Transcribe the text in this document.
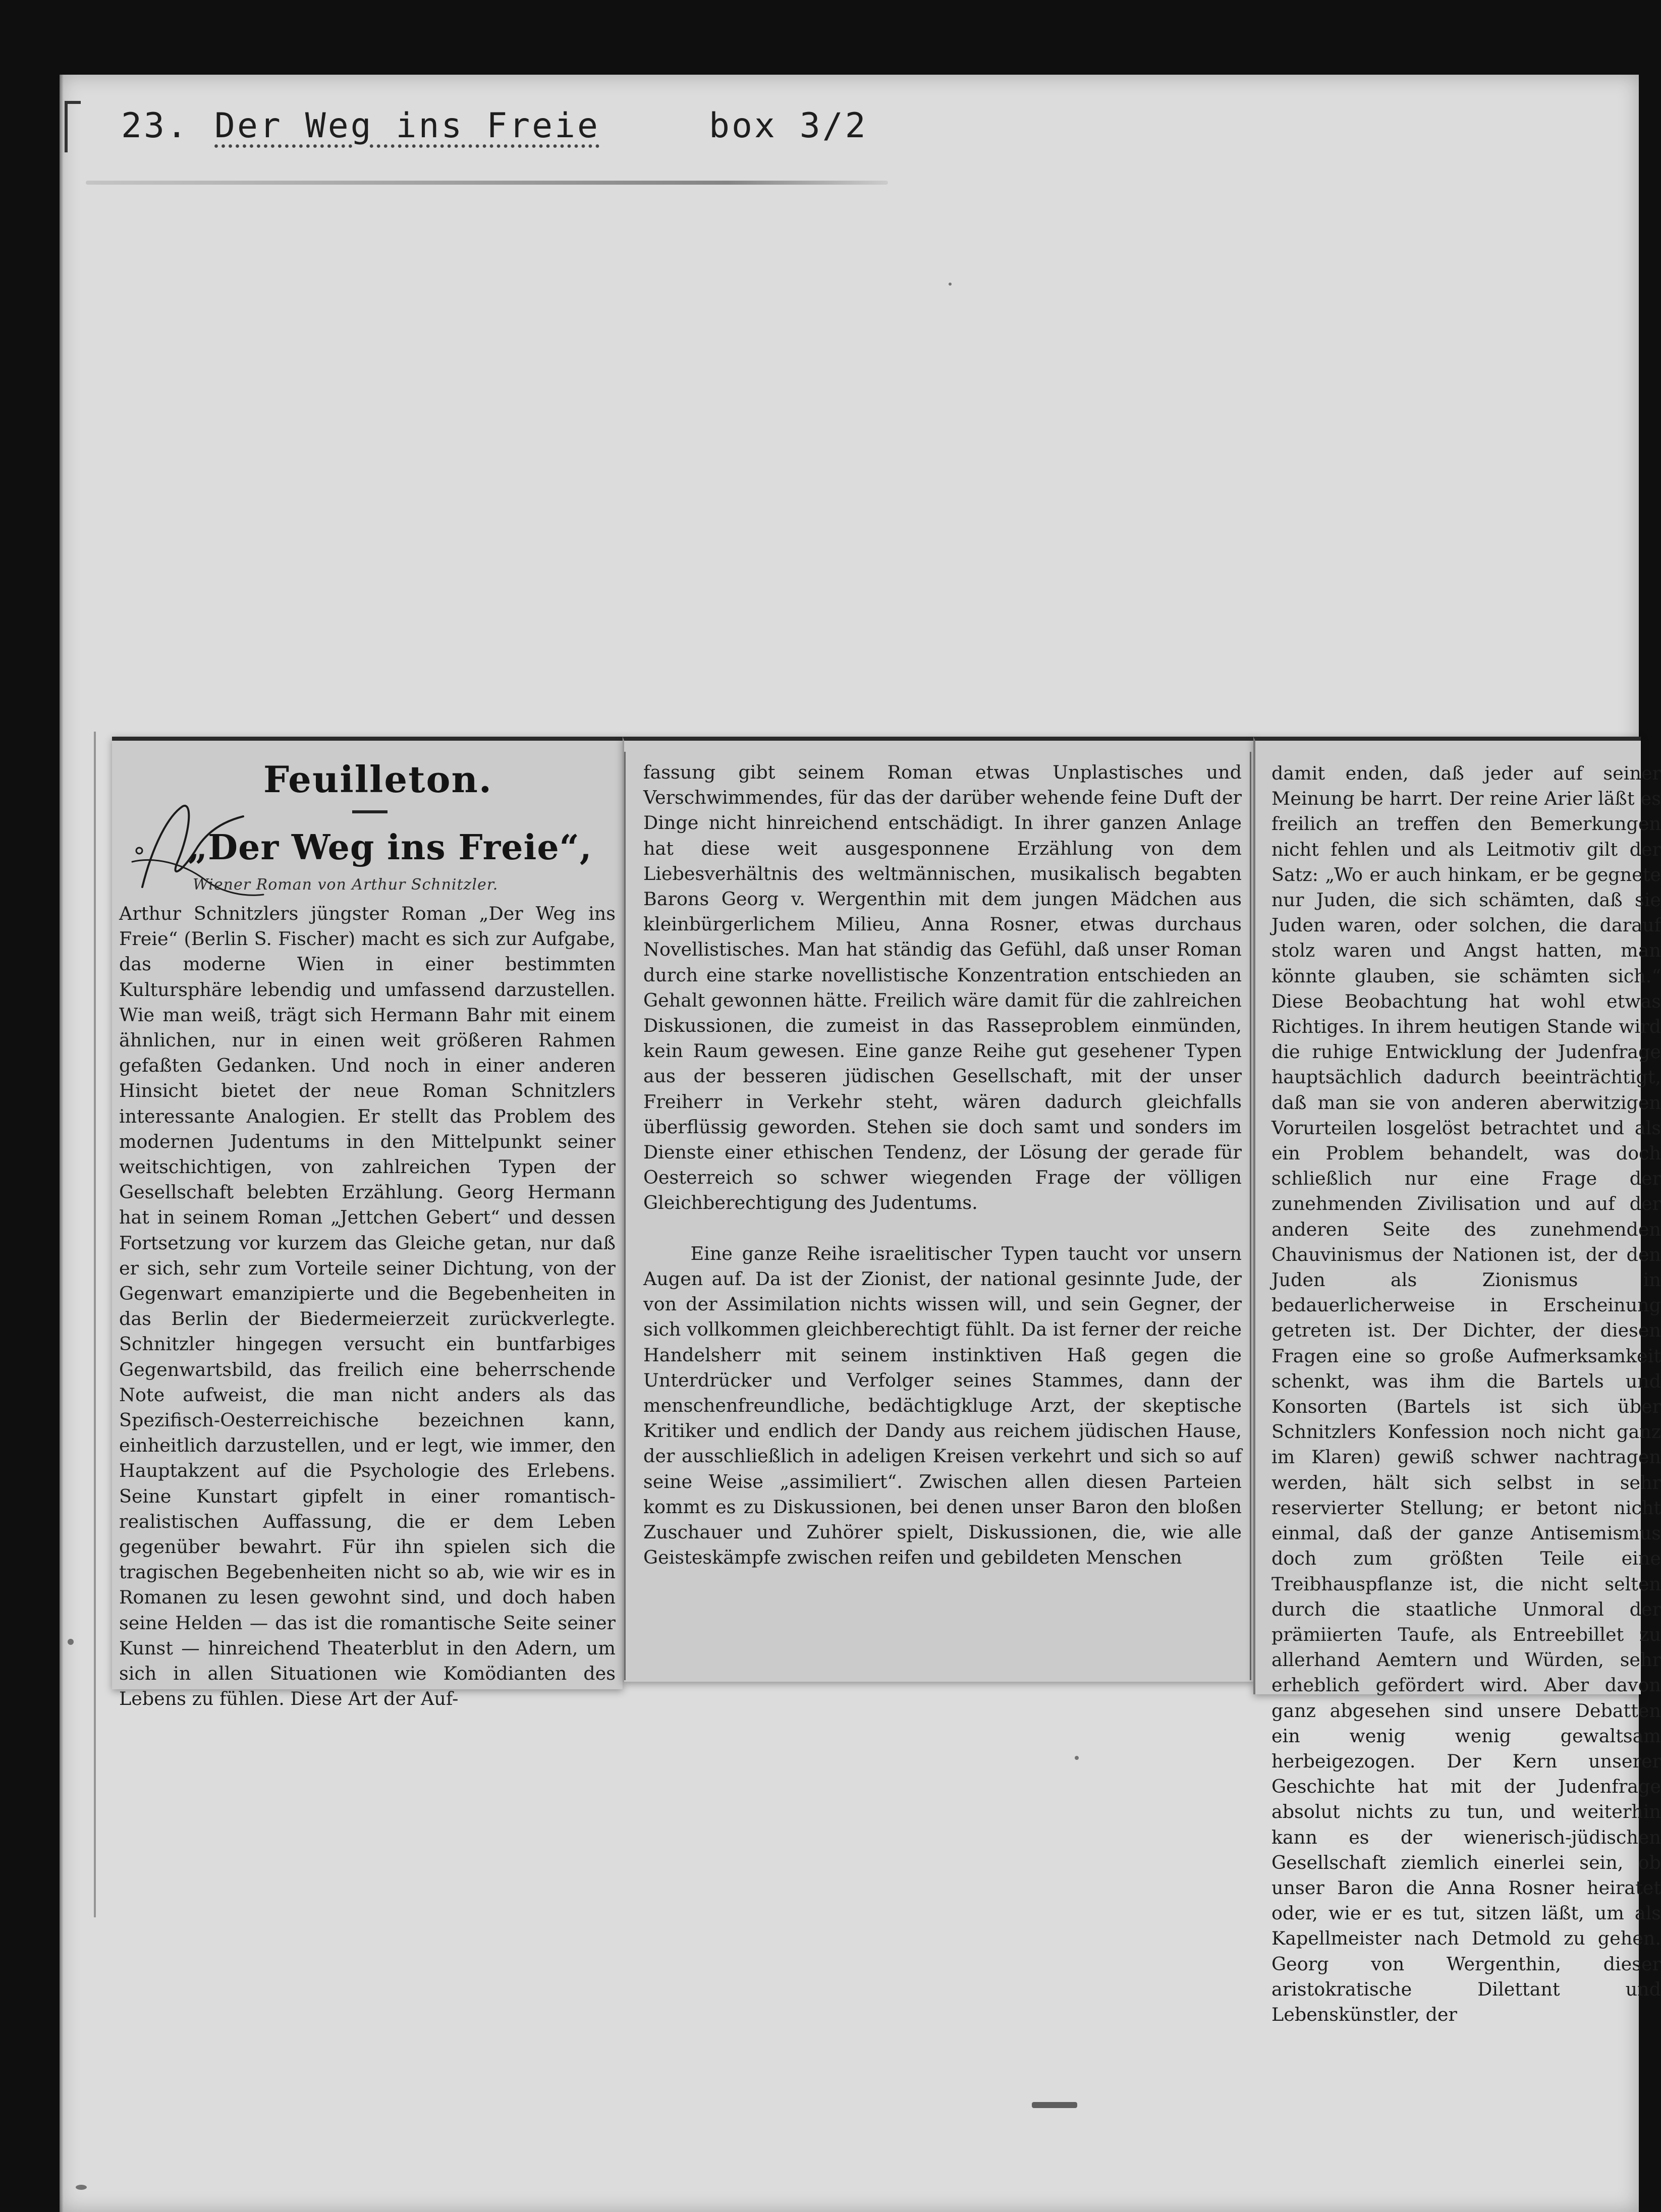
23. Der Weg ins Freie	box 3/2
Feuilleton.
„Der Weg ins Freie“,
Wiener Roman von Arthur Schnitzler.
Arthur Schnitzlers jüngster Roman „Der Weg ins Freie“ (Berlin S. Fischer) macht es sich zur Aufgabe, das moderne Wien in einer bestimmten Kultursphäre lebendig und umfassend darzustellen. Wie man weiß, trägt sich Hermann Bahr mit einem ähnlichen, nur in einen weit größeren Rahmen gefaßten Gedanken. Und noch in einer anderen Hinsicht bietet der neue Roman Schnitzlers interessante Analogien. Er stellt das Problem des modernen Judentums in den Mittelpunkt seiner weitschichtigen, von zahlreichen Typen der Gesellschaft belebten Erzählung. Georg Hermann hat in seinem Roman „Jettchen Gebert“ und dessen Fortsetzung vor kurzem das Gleiche getan, nur daß er sich, sehr zum Vorteile seiner Dichtung, von der Gegenwart emanzipierte und die Begebenheiten in das Berlin der Biedermeierzeit zurückverlegte. Schnitzler hingegen versucht ein buntfarbiges Gegenwartsbild, das freilich eine beherrschende Note aufweist, die man nicht anders als das Spezifisch-Oesterreichische bezeichnen kann, einheitlich darzustellen, und er legt, wie immer, den Hauptakzent auf die Psychologie des Erlebens. Seine Kunstart gipfelt in einer romantisch-realistischen Auffassung, die er dem Leben gegenüber bewahrt. Für ihn spielen sich die tragischen Begebenheiten nicht so ab, wie wir es in Romanen zu lesen gewohnt sind, und doch haben seine Helden — das ist die romantische Seite seiner Kunst — hinreichend Theaterblut in den Adern, um sich in allen Situationen wie Komödianten des Lebens zu fühlen. Diese Art der Auf-
fassung gibt seinem Roman etwas Unplastisches und Verschwimmendes, für das der darüber wehende feine Duft der Dinge nicht hinreichend entschädigt. In ihrer ganzen Anlage hat diese weit ausgesponnene Erzählung von dem Liebesverhältnis des weltmännischen, musikalisch begabten Barons Georg v. Wergenthin mit dem jungen Mädchen aus kleinbürgerlichem Milieu, Anna Rosner, etwas durchaus Novellistisches. Man hat ständig das Gefühl, daß unser Roman durch eine starke novellistische Konzentration entschieden an Gehalt gewonnen hätte. Freilich wäre damit für die zahlreichen Diskussionen, die zumeist in das Rasseproblem einmünden, kein Raum gewesen. Eine ganze Reihe gut gesehener Typen aus der besseren jüdischen Gesellschaft, mit der unser Freiherr in Verkehr steht, wären dadurch gleichfalls überflüssig geworden. Stehen sie doch samt und sonders im Dienste einer ethischen Tendenz, der Lösung der gerade für Oesterreich so schwer wiegenden Frage der völligen Gleichberechtigung des Judentums.

Eine ganze Reihe israelitischer Typen taucht vor unsern Augen auf. Da ist der Zionist, der national gesinnte Jude, der von der Assimilation nichts wissen will, und sein Gegner, der sich vollkommen gleichberechtigt fühlt. Da ist ferner der reiche Handelsherr mit seinem instinktiven Haß gegen die Unterdrücker und Verfolger seines Stammes, dann der menschenfreundliche, bedächtigkluge Arzt, der skeptische Kritiker und endlich der Dandy aus reichem jüdischen Hause, der ausschließlich in adeligen Kreisen verkehrt und sich so auf seine Weise „assimiliert“. Zwischen allen diesen Parteien kommt es zu Diskussionen, bei denen unser Baron den bloßen Zuschauer und Zuhörer spielt, Diskussionen, die, wie alle Geisteskämpfe zwischen reifen und gebildeten Menschen
damit enden, daß jeder auf seiner Meinung be harrt. Der reine Arier läßt es freilich an treffen den Bemerkungen nicht fehlen und als Leitmotiv gilt der Satz: „Wo er auch hinkam, er be gegnete nur Juden, die sich schämten, daß sie Juden waren, oder solchen, die darauf stolz waren und Angst hatten, man könnte glauben, sie schämten sich.“ Diese Beobachtung hat wohl etwas Richtiges. In ihrem heutigen Stande wird die ruhige Entwicklung der Judenfrage hauptsächlich dadurch beeinträchtigt, daß man sie von anderen aberwitzigen Vorurteilen losgelöst betrachtet und als ein Problem behandelt, was doch schließlich nur eine Frage der zunehmenden Zivilisation und auf der anderen Seite des zunehmenden Chauvinismus der Nationen ist, der den Juden als Zionismus in bedauerlicherweise in Erscheinung getreten ist. Der Dichter, der diesen Fragen eine so große Aufmerksamkeit schenkt, was ihm die Bartels und Konsorten (Bartels ist sich über Schnitzlers Konfession noch nicht ganz im Klaren) gewiß schwer nachtragen werden, hält sich selbst in sehr reservierter Stellung; er betont nicht einmal, daß der ganze Antisemismus doch zum größten Teile eine Treibhauspflanze ist, die nicht selten durch die staatliche Unmoral der prämiierten Taufe, als Entreebillet zu allerhand Aemtern und Würden, sehr erheblich gefördert wird. Aber davon ganz abgesehen sind unsere Debatten ein wenig wenig gewaltsam herbeigezogen. Der Kern unserer Geschichte hat mit der Judenfrage absolut nichts zu tun, und weiterhin kann es der wienerisch-jüdischen Gesellschaft ziemlich einerlei sein, ob unser Baron die Anna Rosner heiratet oder, wie er es tut, sitzen läßt, um als Kapellmeister nach Detmold zu gehen. Georg von Wergenthin, dieser aristokratische Dilettant und Lebenskünstler, der
